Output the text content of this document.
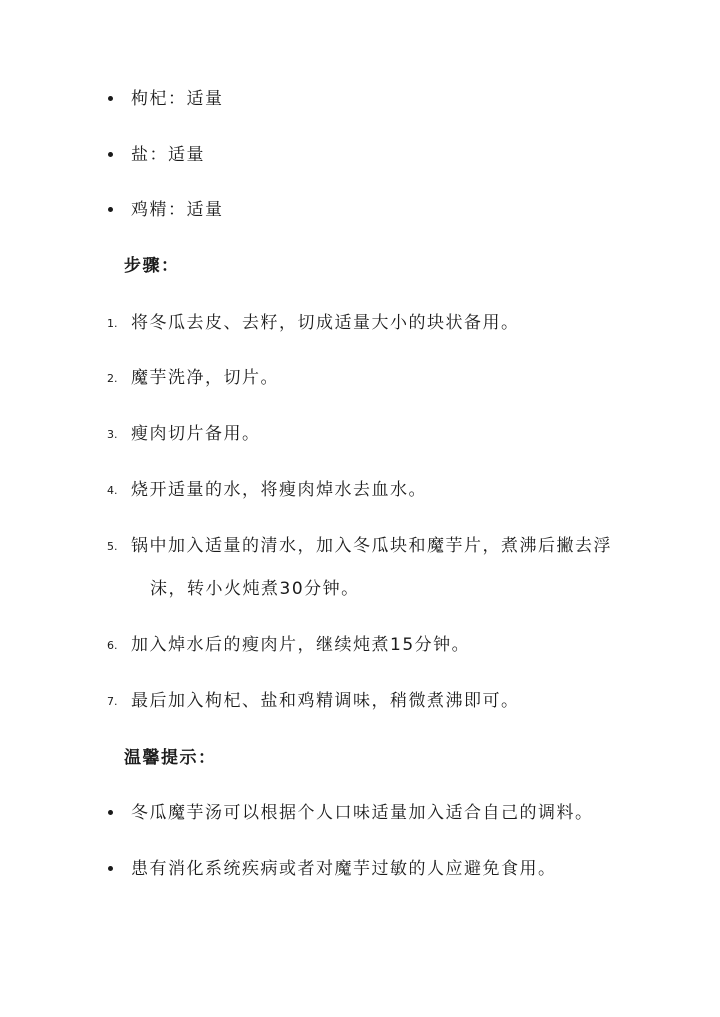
枸杞：适量
盐：适量
鸡精：适量
步骤：
1. 将冬瓜去皮、去籽，切成适量大小的块状备用。
2. 魔芋洗净，切片。
3. 瘦肉切片备用。
4. 烧开适量的水，将瘦肉焯水去血水。
5. 锅中加入适量的清水，加入冬瓜块和魔芋片，煮沸后撇去浮
沫，转小火炖煮30分钟。
6. 加入焯水后的瘦肉片，继续炖煮15分钟。
7. 最后加入枸杞、盐和鸡精调味，稍微煮沸即可。
温馨提示：
冬瓜魔芋汤可以根据个人口味适量加入适合自己的调料。
患有消化系统疾病或者对魔芋过敏的人应避免食用。
